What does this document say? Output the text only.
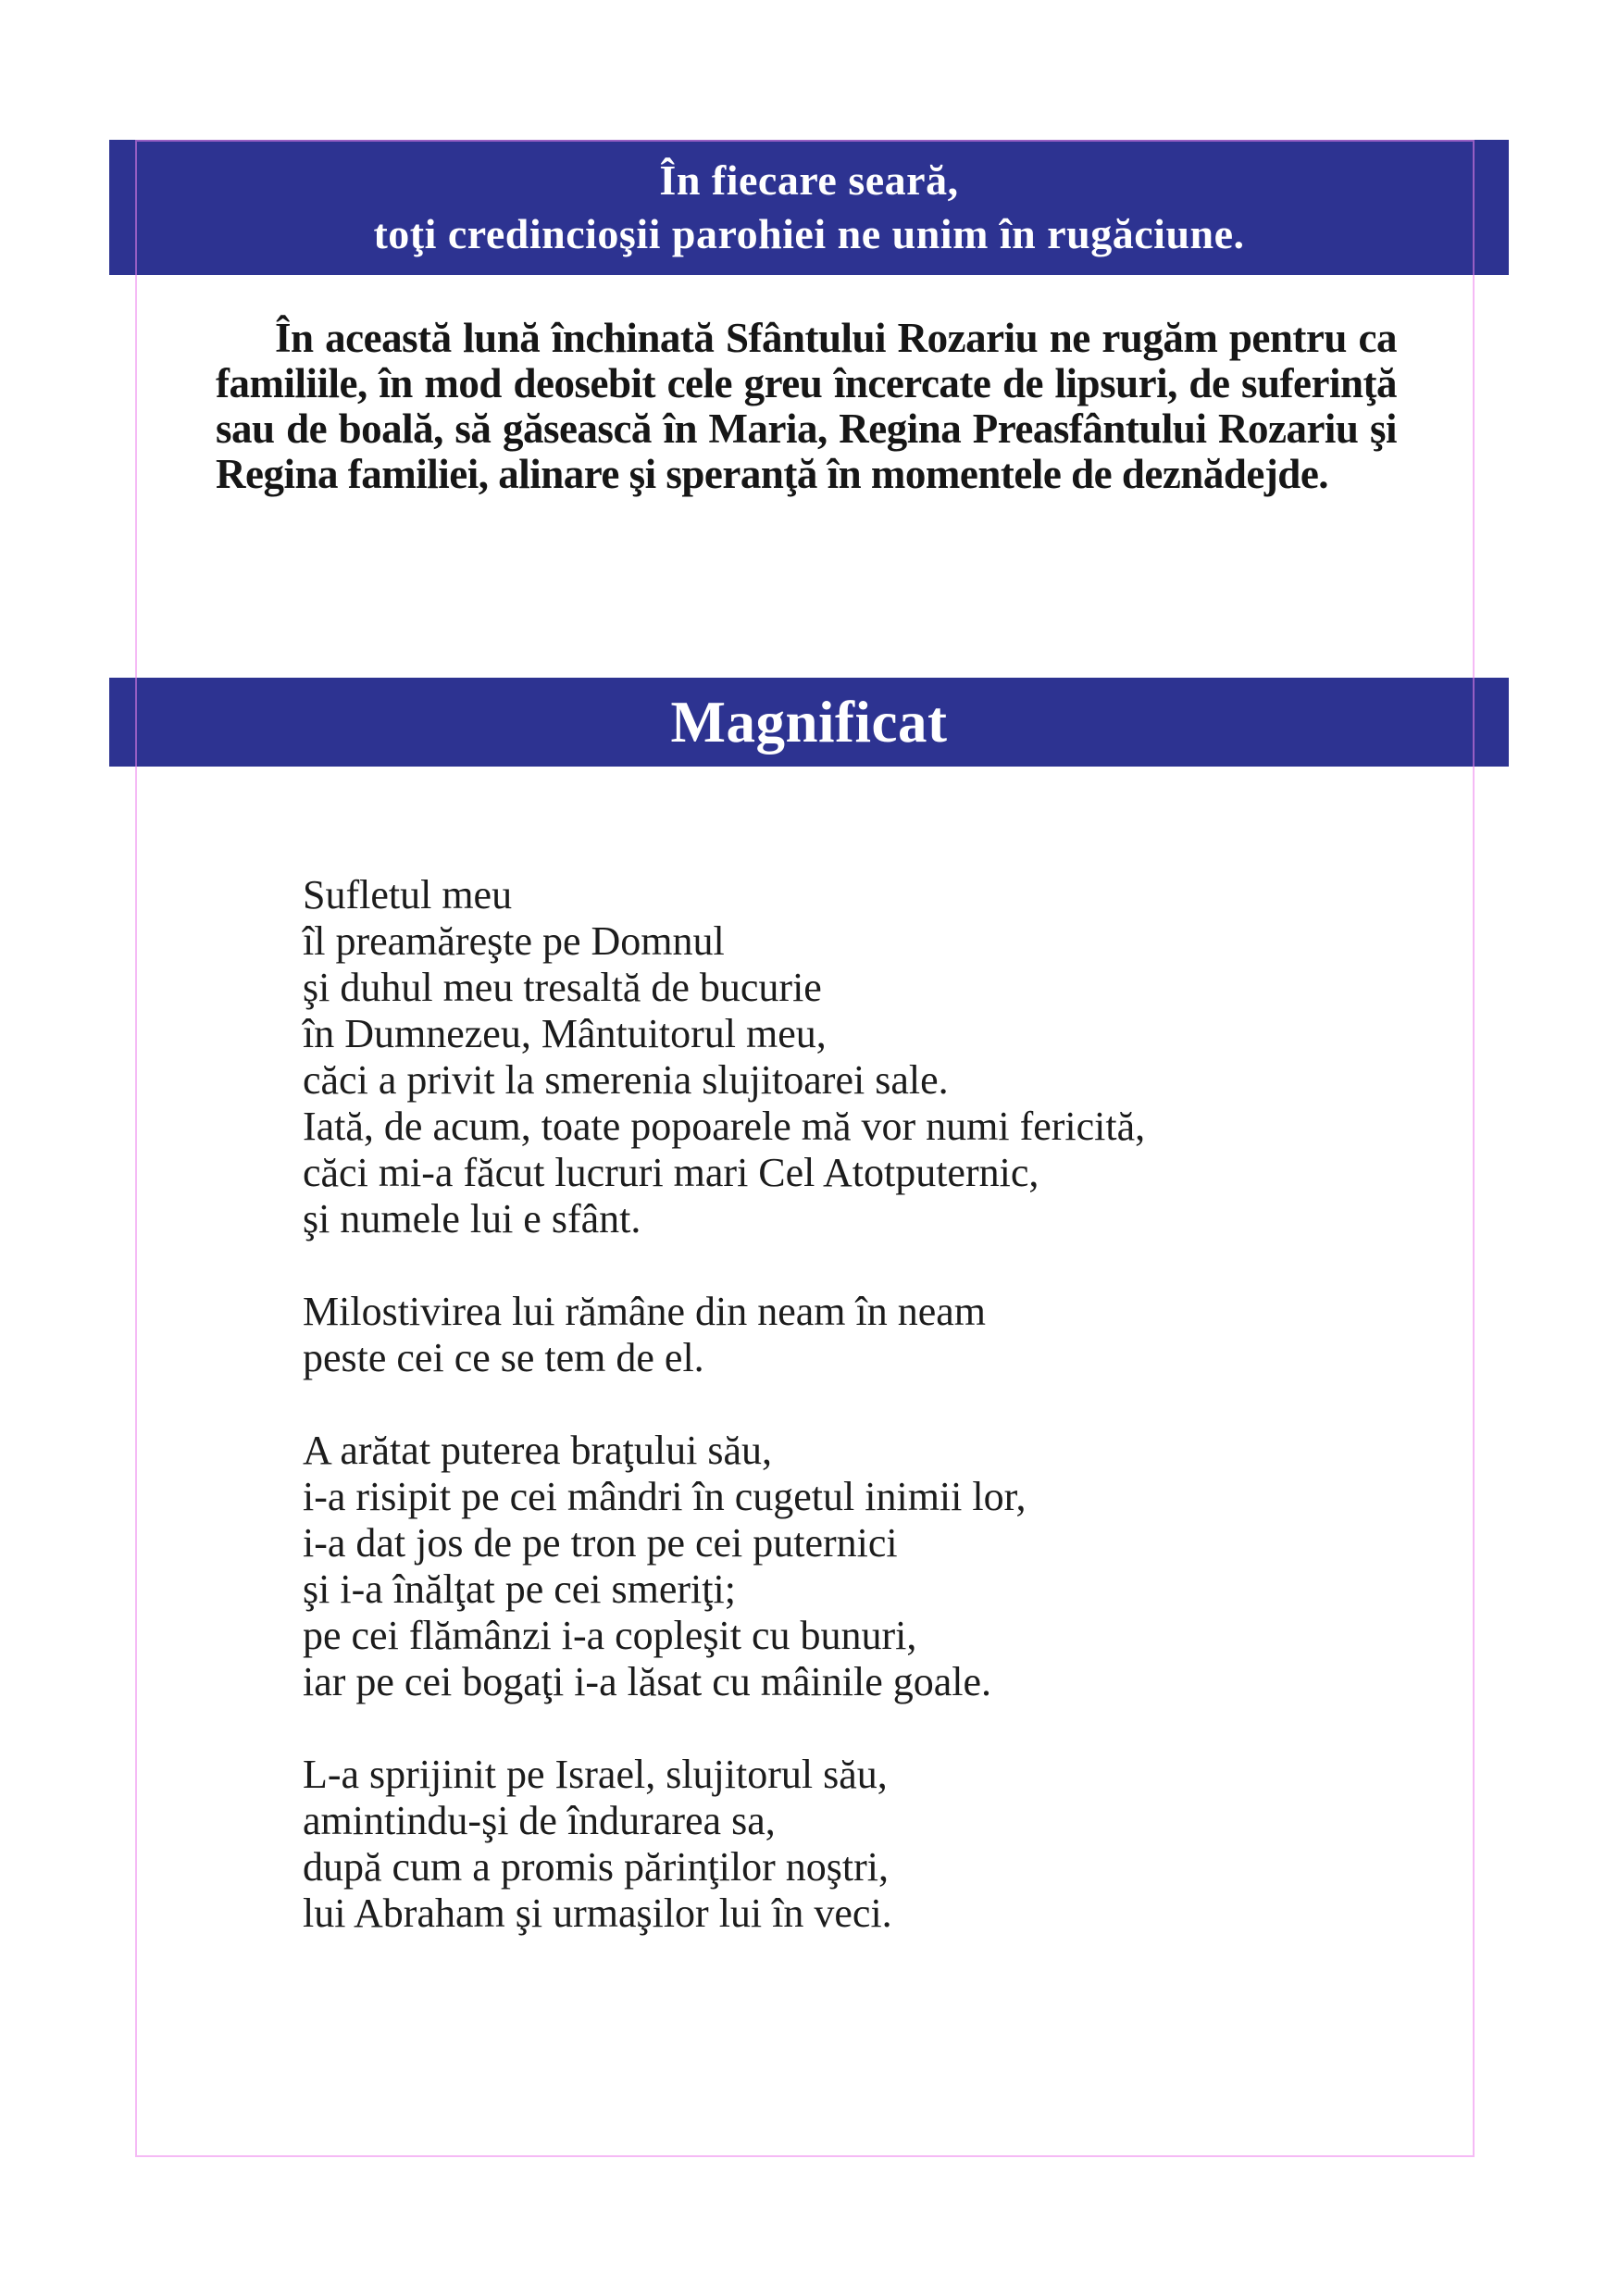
În fiecare seară,
toţi credincioşii parohiei ne unim în rugăciune.

În această lună închinată Sfântului Rozariu ne rugăm pentru ca familiile, în mod deosebit cele greu încercate de lipsuri, de suferinţă sau de boală, să găsească în Maria, Regina Preasfântului Rozariu şi Regina familiei, alinare şi speranţă în momentele de deznădejde.

Magnificat
Sufletul meu
îl preamăreşte pe Domnul
şi duhul meu tresaltă de bucurie
în Dumnezeu, Mântuitorul meu,
căci a privit la smerenia slujitoarei sale.
Iată, de acum, toate popoarele mă vor numi fericită,
căci mi-a făcut lucruri mari Cel Atotputernic,
şi numele lui e sfânt.
Milostivirea lui rămâne din neam în neam
peste cei ce se tem de el.
A arătat puterea braţului său,
i-a risipit pe cei mândri în cugetul inimii lor,
i-a dat jos de pe tron pe cei puternici
şi i-a înălţat pe cei smeriţi;
pe cei flămânzi i-a copleşit cu bunuri,
iar pe cei bogaţi i-a lăsat cu mâinile goale.
L-a sprijinit pe Israel, slujitorul său,
amintindu-şi de îndurarea sa,
după cum a promis părinţilor noştri,
lui Abraham şi urmaşilor lui în veci.
